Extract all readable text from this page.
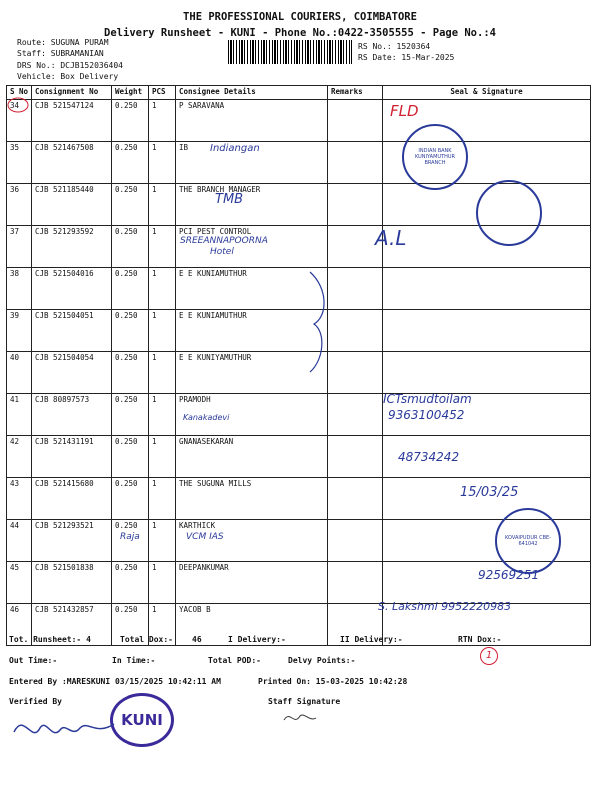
THE PROFESSIONAL COURIERS, COIMBATORE
Delivery Runsheet - KUNI - Phone No.:0422-3505555 - Page No.:4
Route: SUGUNA PURAM
Staff: SUBRAMANIAN
DRS No.: DCJB152036404
Vehicle: Box Delivery
RS No.: 1520364
RS Date: 15-Mar-2025
S No	Consignment No	Weight	PCS	Consignee Details	Remarks	Seal & Signature
34	CJB 521547124	0.250	1	P SARAVANA		
35	CJB 521467508	0.250	1	IB		
36	CJB 521185440	0.250	1	THE BRANCH MANAGER		
37	CJB 521293592	0.250	1	PCI PEST CONTROL		
38	CJB 521504016	0.250	1	E E KUNIAMUTHUR		
39	CJB 521504051	0.250	1	E E KUNIAMUTHUR		
40	CJB 521504054	0.250	1	E E KUNIYAMUTHUR		
41	CJB 80897573	0.250	1	PRAMODH		
42	CJB 521431191	0.250	1	GNANASEKARAN		
43	CJB 521415680	0.250	1	THE SUGUNA MILLS		
44	CJB 521293521	0.250	1	KARTHICK		
45	CJB 521501838	0.250	1	DEEPANKUMAR		
46	CJB 521432857	0.250	1	YACOB B		
FLD
Indiangan
TMB
SREEANNAPOORNA
Hotel
A.L
Kanakadevi
ICTsmudtoilam
9363100452
48734242
15/03/25
VCM IAS
Raja
92569251
S. Lakshmi 9952220983
INDIAN BANK KUNIYAMUTHUR BRANCH
KOVAIPUDUR CBE-641042
Tot. Runsheet:- 4	Total Dox:- 46	I Delivery:-	II Delivery:-	RTN Dox:-
1
Out Time:-	In Time:-	Total POD:-	Delvy Points:-
Entered By :MARESKUNI 03/15/2025 10:42:11 AM	Printed On: 15-03-2025 10:42:28
Verified By	Staff Signature
KUNI
